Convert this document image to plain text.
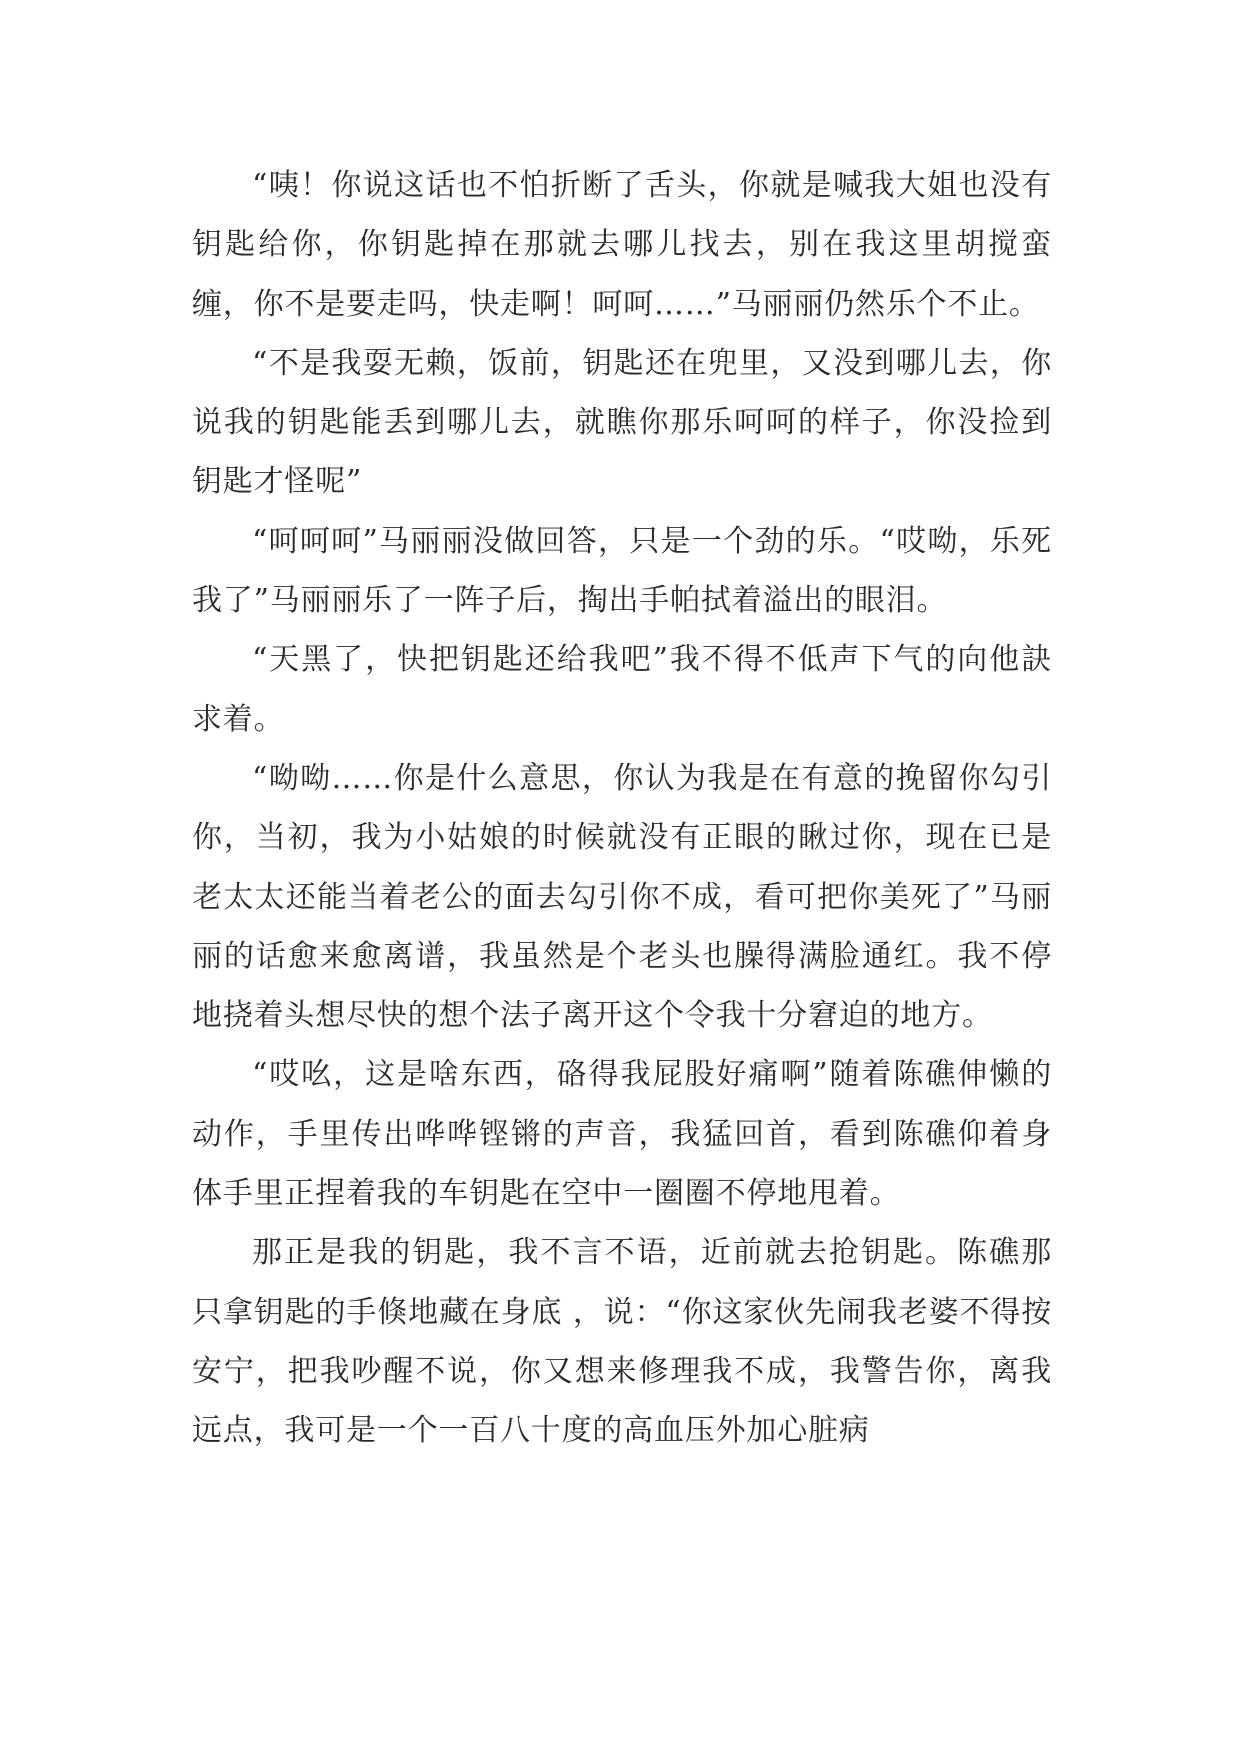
“咦！你说这话也不怕折断了舌头，你就是喊我大姐也没有钥匙给你，你钥匙掉在那就去哪儿找去，别在我这里胡搅蛮缠，你不是要走吗，快走啊！呵呵……”马丽丽仍然乐个不止。

“不是我耍无赖，饭前，钥匙还在兜里，又没到哪儿去，你说我的钥匙能丢到哪儿去，就瞧你那乐呵呵的样子，你没捡到钥匙才怪呢”

“呵呵呵”马丽丽没做回答，只是一个劲的乐。“哎呦，乐死我了”马丽丽乐了一阵子后，掏出手帕拭着溢出的眼泪。

“天黑了，快把钥匙还给我吧”我不得不低声下气的向他訣求着。

“呦呦……你是什么意思，你认为我是在有意的挽留你勾引你，当初，我为小姑娘的时候就没有正眼的瞅过你，现在已是老太太还能当着老公的面去勾引你不成，看可把你美死了”马丽丽的话愈来愈离谱，我虽然是个老头也臊得满脸通红。我不停地挠着头想尽快的想个法子离开这个令我十分窘迫的地方。

“哎吆，这是啥东西，硌得我屁股好痛啊”随着陈礁伸懒的动作，手里传出哗哗铿锵的声音，我猛回首，看到陈礁仰着身体手里正捏着我的车钥匙在空中一圈圈不停地甩着。

那正是我的钥匙，我不言不语，近前就去抢钥匙。陈礁那只拿钥匙的手倏地藏在身底 ，说：“你这家伙先闹我老婆不得按安宁，把我吵醒不说，你又想来修理我不成，我警告你，离我远点，我可是一个一百八十度的高血压外加心脏病
